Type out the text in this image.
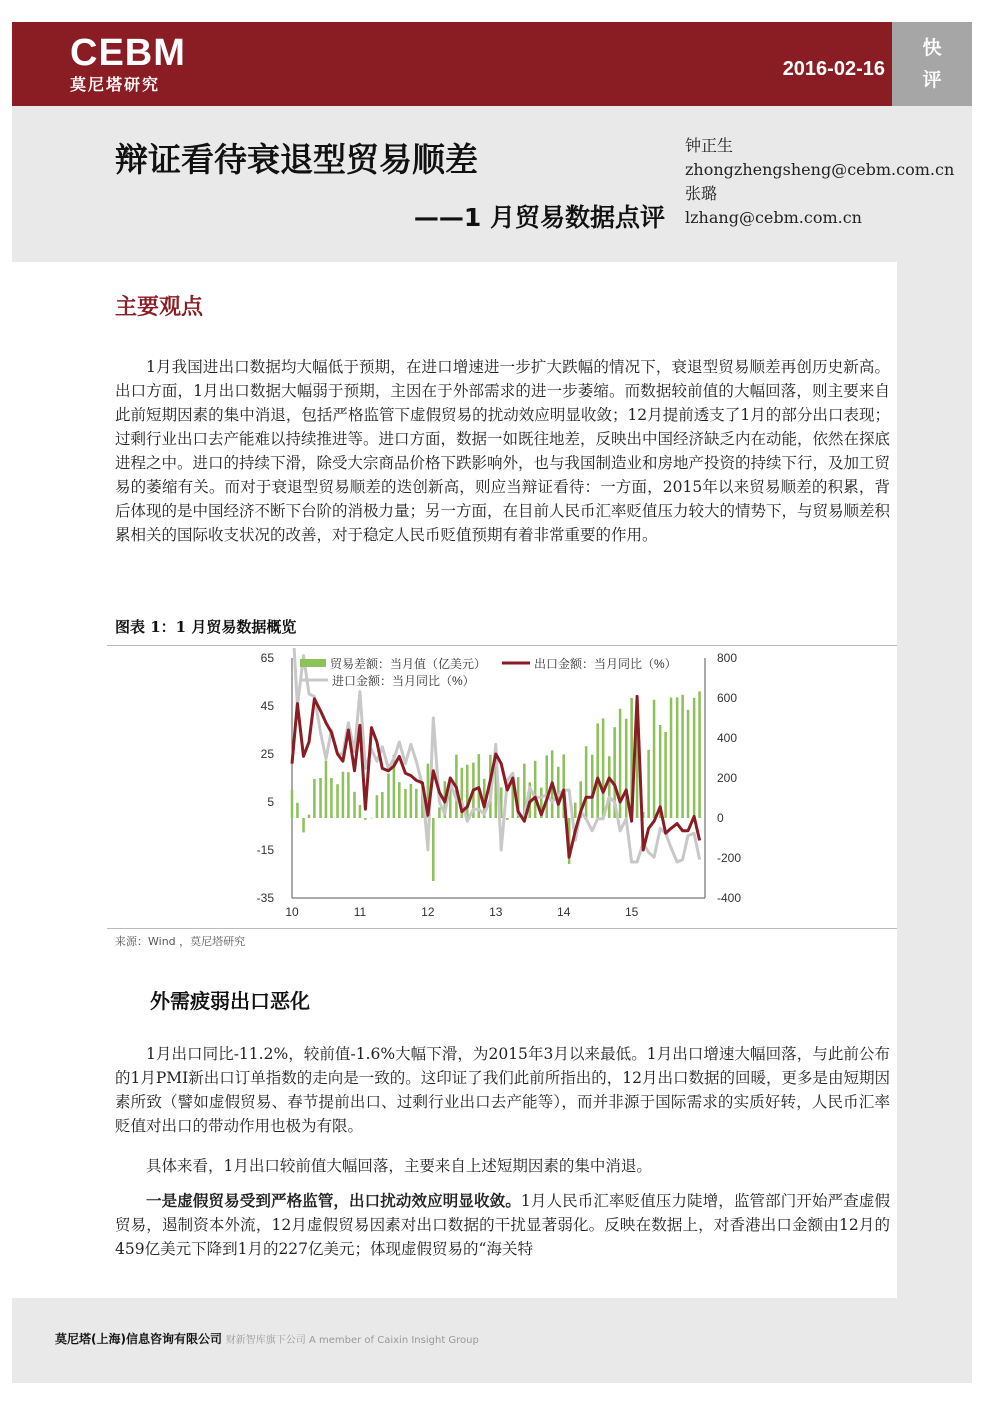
CEBM
莫尼塔研究
2016-02-16
快
评
辩证看待衰退型贸易顺差
——1 月贸易数据点评
钟正生
zhongzhengsheng@cebm.com.cn
张璐
lzhang@cebm.com.cn
主要观点

1月我国进出口数据均大幅低于预期，在进口增速进一步扩大跌幅的情况下，衰退型贸易顺差再创历史新高。出口方面，1月出口数据大幅弱于预期，主因在于外部需求的进一步萎缩。而数据较前值的大幅回落，则主要来自此前短期因素的集中消退，包括严格监管下虚假贸易的扰动效应明显收敛；12月提前透支了1月的部分出口表现；过剩行业出口去产能难以持续推进等。进口方面，数据一如既往地差，反映出中国经济缺乏内在动能，依然在探底进程之中。进口的持续下滑，除受大宗商品价格下跌影响外，也与我国制造业和房地产投资的持续下行，及加工贸易的萎缩有关。而对于衰退型贸易顺差的迭创新高，则应当辩证看待：一方面，2015年以来贸易顺差的积累，背后体现的是中国经济不断下台阶的消极力量；另一方面，在目前人民币汇率贬值压力较大的情势下，与贸易顺差积累相关的国际收支状况的改善，对于稳定人民币贬值预期有着非常重要的作用。

图表 1：1 月贸易数据概览
65
45
25
5
-15
-35
800
600
400
200
0
-200
-400
10	11	12	13	14	15
贸易差额：当月值（亿美元）	出口金额：当月同比（%）
进口金额：当月同比（%）
来源：Wind ，莫尼塔研究
外需疲弱出口恶化

1月出口同比-11.2%，较前值-1.6%大幅下滑，为2015年3月以来最低。1月出口增速大幅回落，与此前公布的1月PMI新出口订单指数的走向是一致的。这印证了我们此前所指出的，12月出口数据的回暖，更多是由短期因素所致（譬如虚假贸易、春节提前出口、过剩行业出口去产能等），而并非源于国际需求的实质好转，人民币汇率贬值对出口的带动作用也极为有限。

具体来看，1月出口较前值大幅回落，主要来自上述短期因素的集中消退。

一是虚假贸易受到严格监管，出口扰动效应明显收敛。1月人民币汇率贬值压力陡增，监管部门开始严查虚假贸易，遏制资本外流，12月虚假贸易因素对出口数据的干扰显著弱化。反映在数据上，对香港出口金额由12月的459亿美元下降到1月的227亿美元；体现虚假贸易的“海关特

莫尼塔(上海)信息咨询有限公司 财新智库旗下公司 A member of Caixin Insight Group
